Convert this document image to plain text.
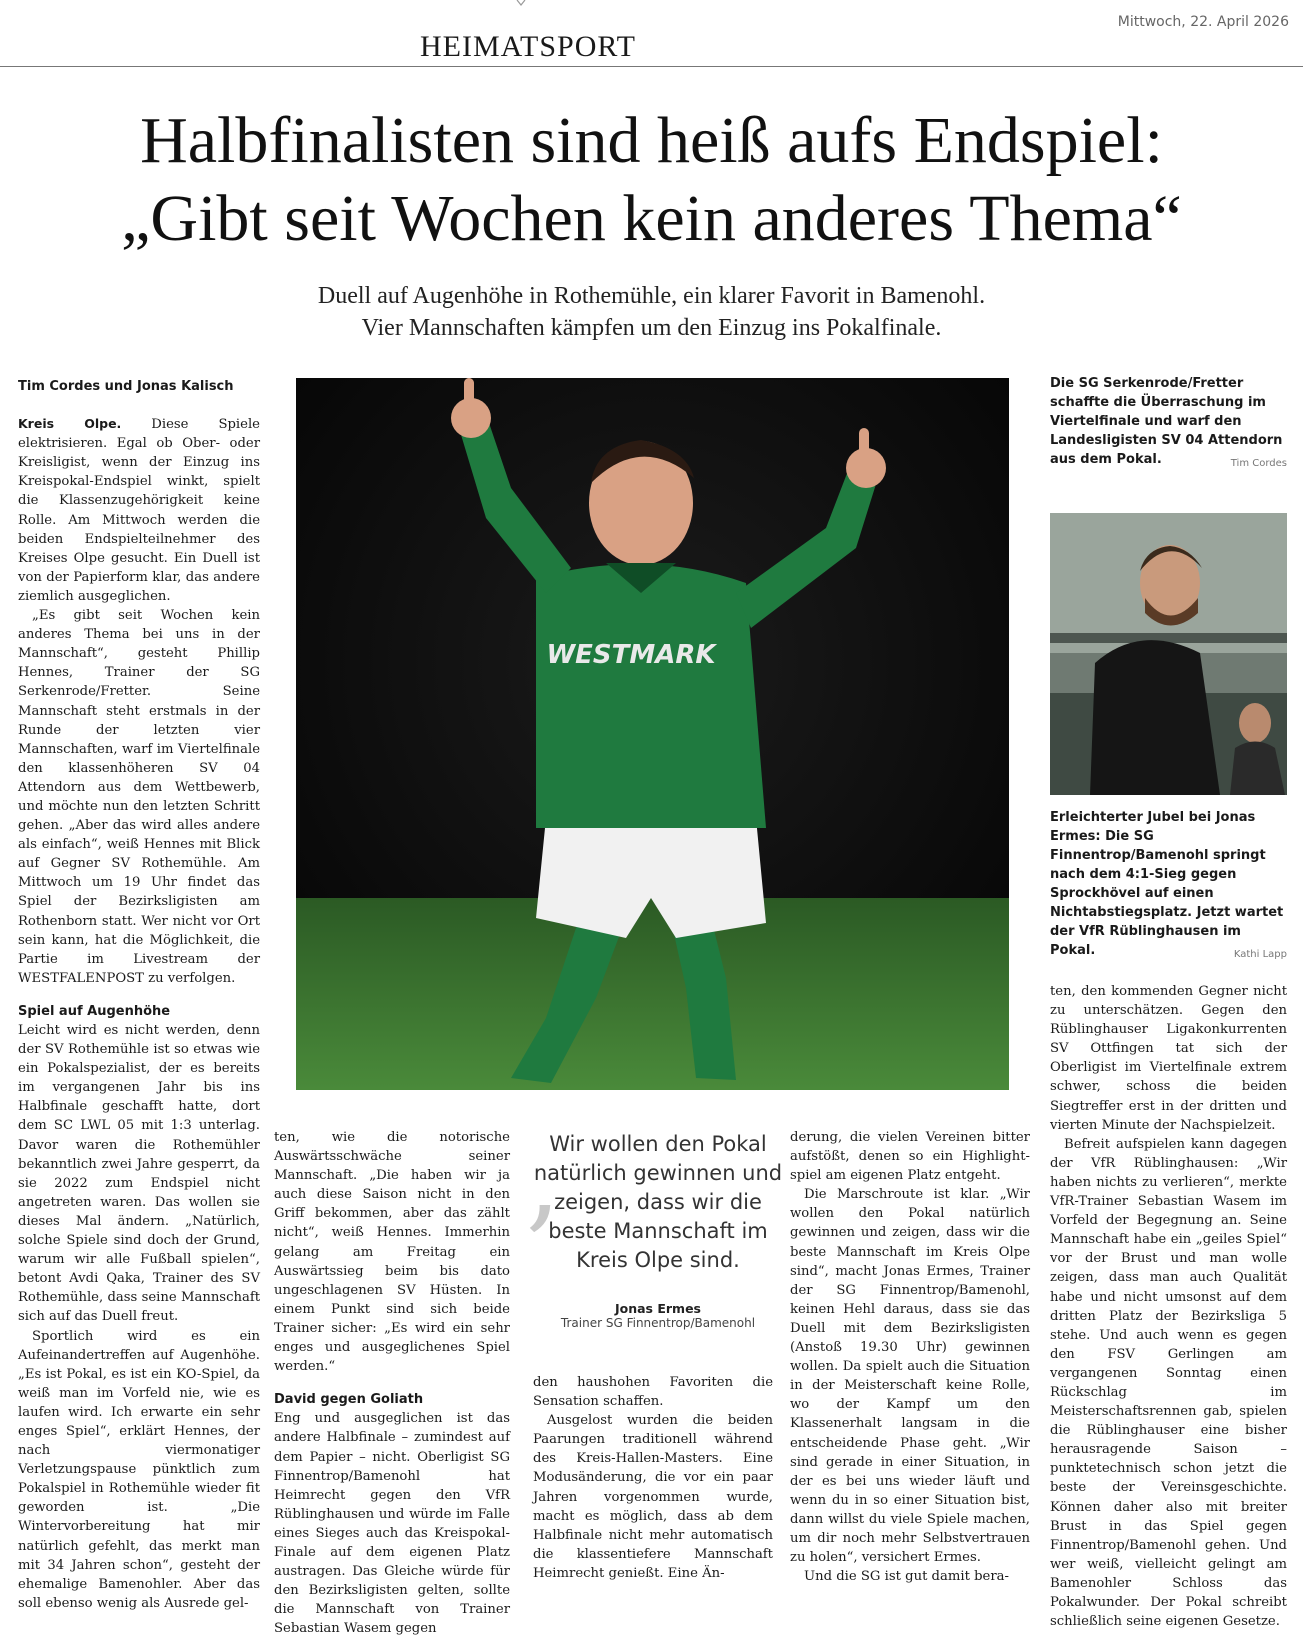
HEIMATSPORT
Mittwoch, 22. April 2026
Halbfinalisten sind heiß aufs Endspiel:
„Gibt seit Wochen kein anderes Thema“
Duell auf Augenhöhe in Rothemühle, ein klarer Favorit in Bamenohl.
Vier Mannschaften kämpfen um den Einzug ins Pokalfinale.
Tim Cordes und Jonas Kalisch

Kreis Olpe. Diese Spiele elektrisieren. Egal ob Ober- oder Kreisligist, wenn der Einzug ins Kreispokal-Endspiel winkt, spielt die Klassenzugehörigkeit keine Rolle. Am Mittwoch werden die beiden Endspielteilnehmer des Kreises Olpe gesucht. Ein Duell ist von der Papierform klar, das andere ziemlich ausgeglichen.

„Es gibt seit Wochen kein anderes Thema bei uns in der Mannschaft“, gesteht Phillip Hennes, Trainer der SG Serkenrode/Fretter. Seine Mannschaft steht erstmals in der Runde der letzten vier Mannschaften, warf im Viertelfinale den klassenhöheren SV 04 Attendorn aus dem Wettbewerb, und möchte nun den letzten Schritt gehen. „Aber das wird alles andere als einfach“, weiß Hennes mit Blick auf Gegner SV Rothemühle. Am Mittwoch um 19 Uhr findet das Spiel der Bezirksligisten am Rothenborn statt. Wer nicht vor Ort sein kann, hat die Möglichkeit, die Partie im Livestream der WESTFALENPOST zu verfolgen.

Spiel auf Augenhöhe

Leicht wird es nicht werden, denn der SV Rothemühle ist so etwas wie ein Pokalspezialist, der es bereits im vergangenen Jahr bis ins Halbfinale geschafft hatte, dort dem SC LWL 05 mit 1:3 unterlag. Davor waren die Rothemühler bekanntlich zwei Jahre gesperrt, da sie 2022 zum Endspiel nicht angetreten waren. Das wollen sie dieses Mal ändern. „Natürlich, solche Spiele sind doch der Grund, warum wir alle Fußball spielen“, betont Avdi Qaka, Trainer des SV Rothemühle, dass seine Mannschaft sich auf das Duell freut.

Sportlich wird es ein Aufeinandertreffen auf Augenhöhe. „Es ist Pokal, es ist ein KO-Spiel, da weiß man im Vorfeld nie, wie es laufen wird. Ich erwarte ein sehr enges Spiel“, erklärt Hennes, der nach viermonatiger Verletzungspause pünktlich zum Pokalspiel in Rothemühle wieder fit geworden ist. „Die Wintervorbereitung hat mir natürlich gefehlt, das merkt man mit 34 Jahren schon“, gesteht der ehemalige Bamenohler. Aber das soll ebenso wenig als Ausrede gel-

WESTMARK

ten, wie die notorische Auswärtsschwäche seiner Mannschaft. „Die haben wir ja auch diese Saison nicht in den Griff bekommen, aber das zählt nicht“, weiß Hennes. Immerhin gelang am Freitag ein Auswärtssieg beim bis dato ungeschlagenen SV Hüsten. In einem Punkt sind sich beide Trainer sicher: „Es wird ein sehr enges und ausgeglichenes Spiel werden.“

David gegen Goliath

Eng und ausgeglichen ist das andere Halbfinale – zumindest auf dem Papier – nicht. Oberligist SG Finnentrop/Bamenohl hat Heimrecht gegen den VfR Rüblinghausen und würde im Falle eines Sieges auch das Kreispokal-Finale auf dem eigenen Platz austragen. Das Gleiche würde für den Bezirksligisten gelten, sollte die Mannschaft von Trainer Sebastian Wasem gegen

‚
Wir wollen den Pokal natürlich gewinnen und zeigen, dass wir die beste Mannschaft im Kreis Olpe sind.
Jonas Ermes
Trainer SG Finnentrop/Bamenohl

den haushohen Favoriten die Sensation schaffen.

Ausgelost wurden die beiden Paarungen traditionell während des Kreis-Hallen-Masters. Eine Modusänderung, die vor ein paar Jahren vorgenommen wurde, macht es möglich, dass ab dem Halbfinale nicht mehr automatisch die klassentiefere Mannschaft Heimrecht genießt. Eine Än-

derung, die vielen Vereinen bitter aufstößt, denen so ein Highlight-spiel am eigenen Platz entgeht.

Die Marschroute ist klar. „Wir wollen den Pokal natürlich gewinnen und zeigen, dass wir die beste Mannschaft im Kreis Olpe sind“, macht Jonas Ermes, Trainer der SG Finnentrop/Bamenohl, keinen Hehl daraus, dass sie das Duell mit dem Bezirksligisten (Anstoß 19.30 Uhr) gewinnen wollen. Da spielt auch die Situation in der Meisterschaft keine Rolle, wo der Kampf um den Klassenerhalt langsam in die entscheidende Phase geht. „Wir sind gerade in einer Situation, in der es bei uns wieder läuft und wenn du in so einer Situation bist, dann willst du viele Spiele machen, um dir noch mehr Selbstvertrauen zu holen“, versichert Ermes.

Und die SG ist gut damit bera-

Die SG Serkenrode/Fretter schaffte die Überraschung im Viertelfinale und warf den Landesligisten SV 04 Attendorn aus dem Pokal.	Tim Cordes
Erleichterter Jubel bei Jonas Ermes: Die SG Finnentrop/Bamenohl springt nach dem 4:1-Sieg gegen Sprockhövel auf einen Nichtabstiegsplatz. Jetzt wartet der VfR Rüblinghausen im Pokal.	Kathi Lapp

ten, den kommenden Gegner nicht zu unterschätzen. Gegen den Rüblinghauser Ligakonkurrenten SV Ottfingen tat sich der Oberligist im Viertelfinale extrem schwer, schoss die beiden Siegtreffer erst in der dritten und vierten Minute der Nachspielzeit.

Befreit aufspielen kann dagegen der VfR Rüblinghausen: „Wir haben nichts zu verlieren“, merkte VfR-Trainer Sebastian Wasem im Vorfeld der Begegnung an. Seine Mannschaft habe ein „geiles Spiel“ vor der Brust und man wolle zeigen, dass man auch Qualität habe und nicht umsonst auf dem dritten Platz der Bezirksliga 5 stehe. Und auch wenn es gegen den FSV Gerlingen am vergangenen Sonntag einen Rückschlag im Meisterschaftsrennen gab, spielen die Rüblinghauser eine bisher herausragende Saison – punktetechnisch schon jetzt die beste der Vereinsgeschichte. Können daher also mit breiter Brust in das Spiel gegen Finnentrop/Bamenohl gehen. Und wer weiß, vielleicht gelingt am Bamenohler Schloss das Pokalwunder. Der Pokal schreibt schließlich seine eigenen Gesetze.
